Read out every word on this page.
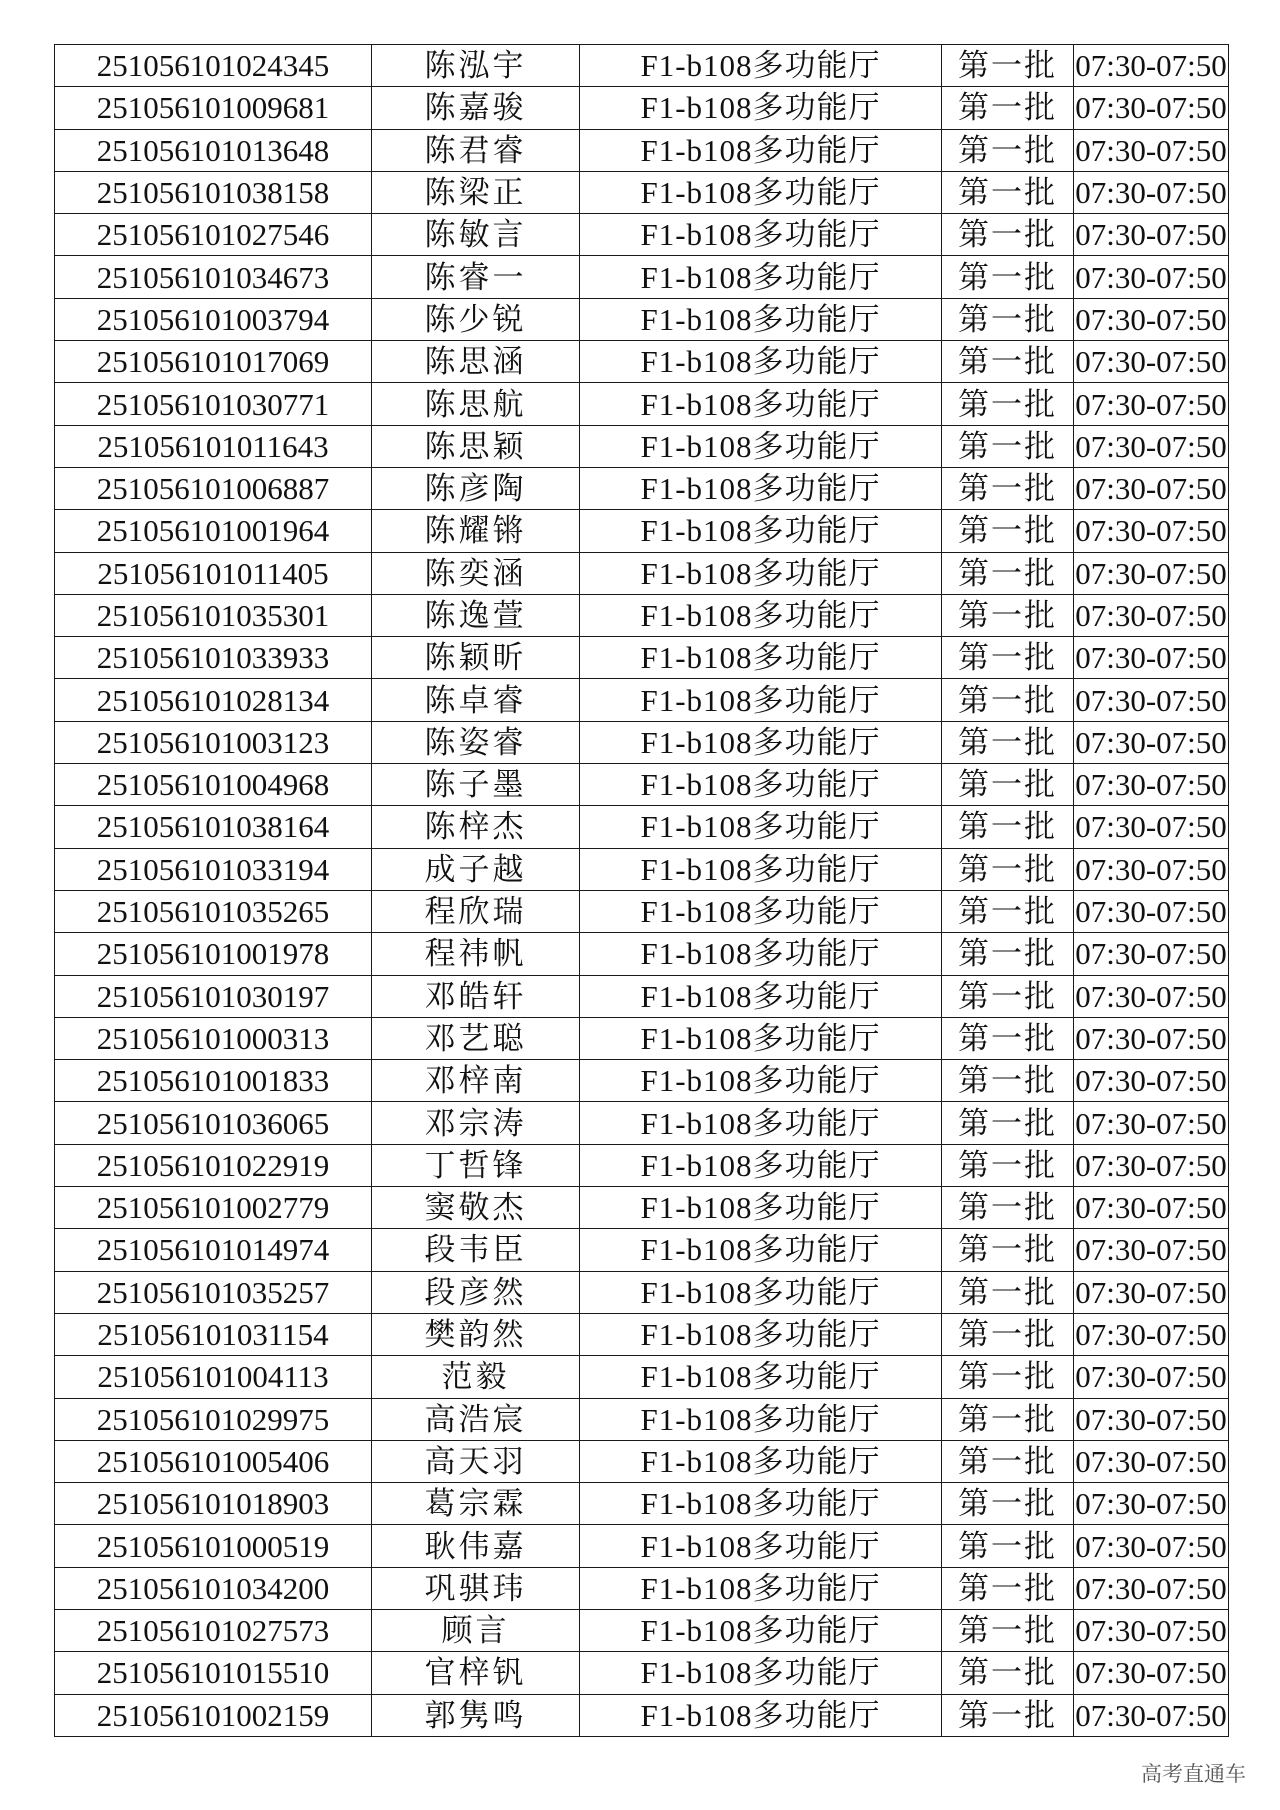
251056101024345	陈泓宇	F1-b108多功能厅	第一批	07:30-07:50
251056101009681	陈嘉骏	F1-b108多功能厅	第一批	07:30-07:50
251056101013648	陈君睿	F1-b108多功能厅	第一批	07:30-07:50
251056101038158	陈梁正	F1-b108多功能厅	第一批	07:30-07:50
251056101027546	陈敏言	F1-b108多功能厅	第一批	07:30-07:50
251056101034673	陈睿一	F1-b108多功能厅	第一批	07:30-07:50
251056101003794	陈少锐	F1-b108多功能厅	第一批	07:30-07:50
251056101017069	陈思涵	F1-b108多功能厅	第一批	07:30-07:50
251056101030771	陈思航	F1-b108多功能厅	第一批	07:30-07:50
251056101011643	陈思颖	F1-b108多功能厅	第一批	07:30-07:50
251056101006887	陈彦陶	F1-b108多功能厅	第一批	07:30-07:50
251056101001964	陈耀锵	F1-b108多功能厅	第一批	07:30-07:50
251056101011405	陈奕涵	F1-b108多功能厅	第一批	07:30-07:50
251056101035301	陈逸萱	F1-b108多功能厅	第一批	07:30-07:50
251056101033933	陈颖昕	F1-b108多功能厅	第一批	07:30-07:50
251056101028134	陈卓睿	F1-b108多功能厅	第一批	07:30-07:50
251056101003123	陈姿睿	F1-b108多功能厅	第一批	07:30-07:50
251056101004968	陈子墨	F1-b108多功能厅	第一批	07:30-07:50
251056101038164	陈梓杰	F1-b108多功能厅	第一批	07:30-07:50
251056101033194	成子越	F1-b108多功能厅	第一批	07:30-07:50
251056101035265	程欣瑞	F1-b108多功能厅	第一批	07:30-07:50
251056101001978	程祎帆	F1-b108多功能厅	第一批	07:30-07:50
251056101030197	邓皓轩	F1-b108多功能厅	第一批	07:30-07:50
251056101000313	邓艺聪	F1-b108多功能厅	第一批	07:30-07:50
251056101001833	邓梓南	F1-b108多功能厅	第一批	07:30-07:50
251056101036065	邓宗涛	F1-b108多功能厅	第一批	07:30-07:50
251056101022919	丁哲锋	F1-b108多功能厅	第一批	07:30-07:50
251056101002779	窦敬杰	F1-b108多功能厅	第一批	07:30-07:50
251056101014974	段韦臣	F1-b108多功能厅	第一批	07:30-07:50
251056101035257	段彦然	F1-b108多功能厅	第一批	07:30-07:50
251056101031154	樊韵然	F1-b108多功能厅	第一批	07:30-07:50
251056101004113	范毅	F1-b108多功能厅	第一批	07:30-07:50
251056101029975	高浩宸	F1-b108多功能厅	第一批	07:30-07:50
251056101005406	高天羽	F1-b108多功能厅	第一批	07:30-07:50
251056101018903	葛宗霖	F1-b108多功能厅	第一批	07:30-07:50
251056101000519	耿伟嘉	F1-b108多功能厅	第一批	07:30-07:50
251056101034200	巩骐玮	F1-b108多功能厅	第一批	07:30-07:50
251056101027573	顾言	F1-b108多功能厅	第一批	07:30-07:50
251056101015510	官梓钒	F1-b108多功能厅	第一批	07:30-07:50
251056101002159	郭隽鸣	F1-b108多功能厅	第一批	07:30-07:50
高考直通车
